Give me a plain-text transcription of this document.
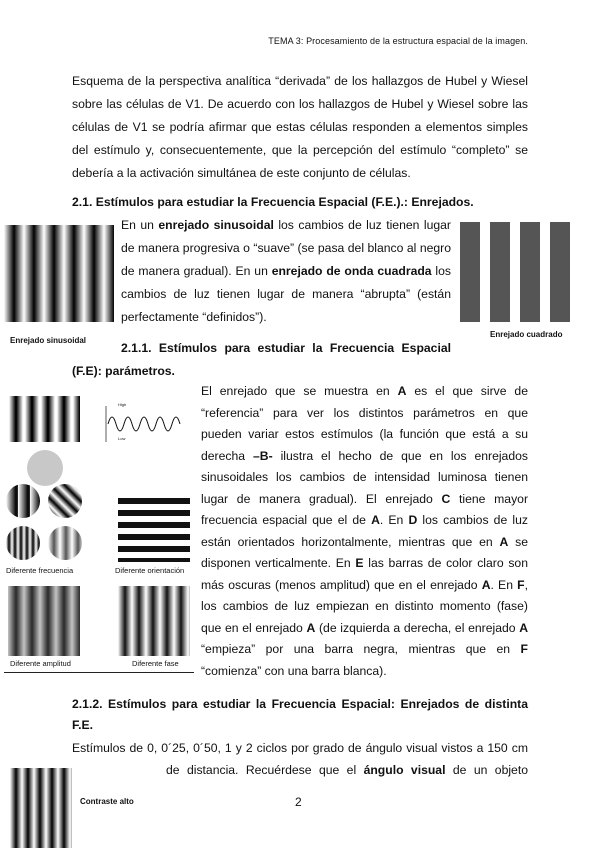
TEMA 3: Procesamiento de la estructura espacial de la imagen.
Esquema de la perspectiva analítica “derivada” de los hallazgos de Hubel y Wiesel sobre las células de V1. De acuerdo con los hallazgos de Hubel y Wiesel sobre las células de V1 se podría afirmar que estas células responden a elementos simples del estímulo y, consecuentemente, que la percepción del estímulo “completo” se debería a la activación simultánea de este conjunto de células.
2.1. Estímulos para estudiar la Frecuencia Espacial (F.E.).: Enrejados.
Enrejado sinusoidal
Enrejado cuadrado
En un enrejado sinusoidal los cambios de luz tienen lugar de manera progresiva o “suave” (se pasa del blanco al negro de manera gradual). En un enrejado de onda cuadrada los cambios de luz tienen lugar de manera “abrupta” (están perfectamente “definidos”).
2.1.1. Estímulos para estudiar la Frecuencia Espacial
(F.E): parámetros.
High
Low
Diferente frecuencia	Diferente orientación
Diferente amplitud	Diferente fase
El enrejado que se muestra en A es el que sirve de “referencia” para ver los distintos parámetros en que pueden variar estos estímulos (la función que está a su derecha –B- ilustra el hecho de que en los enrejados sinusoidales los cambios de intensidad luminosa tienen lugar de manera gradual). El enrejado C tiene mayor frecuencia espacial que el de A. En D los cambios de luz están orientados horizontalmente, mientras que en A se disponen verticalmente. En E las barras de color claro son más oscuras (menos amplitud) que en el enrejado A. En F, los cambios de luz empiezan en distinto momento (fase) que en el enrejado A (de izquierda a derecha, el enrejado A “empieza” por una barra negra, mientras que en F “comienza” con una barra blanca).
2.1.2. Estímulos para estudiar la Frecuencia Espacial: Enrejados de distinta
F.E.
Estímulos de 0, 0´25, 0´50, 1 y 2 ciclos por grado de ángulo visual vistos a 150 cm
de distancia. Recuérdese que el ángulo visual de un objeto
Contraste alto	2
